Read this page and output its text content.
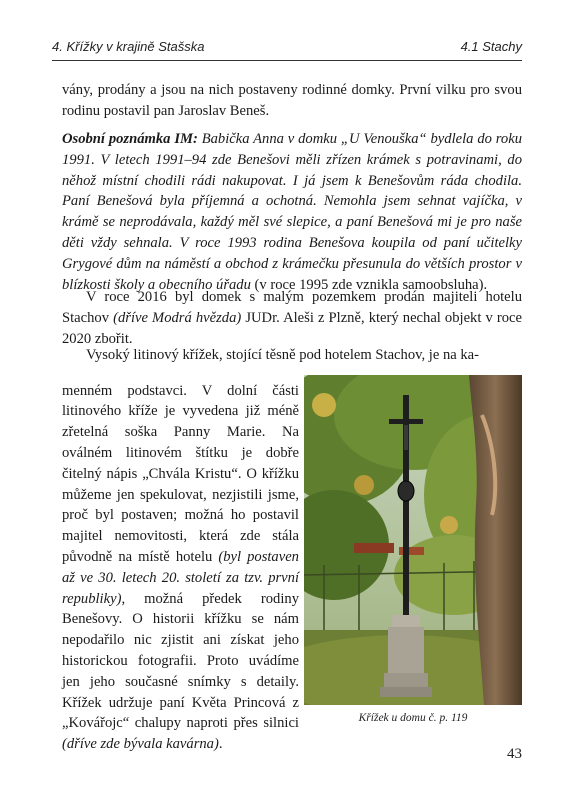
4. Křížky v krajině Stašska	4.1 Stachy

vány, prodány a jsou na nich postaveny rodinné domky. První vilku pro svou rodinu postavil pan Jaroslav Beneš.

Osobní poznámka IM: Babička Anna v domku „U Venouška“ bydlela do roku 1991. V letech 1991–94 zde Benešovi měli zřízen krámek s potravinami, do něhož místní chodili rádi nakupovat. I já jsem k Benešovům ráda chodila. Paní Benešová byla příjemná a ochotná. Nemohla jsem sehnat vajíčka, v krámě se neprodávala, každý měl své slepice, a paní Benešová mi je pro naše děti vždy sehnala. V roce 1993 rodina Benešova koupila od paní učitelky Grygové dům na náměstí a obchod z krámečku přesunula do větších prostor v blízkosti školy a obecního úřadu (v roce 1995 zde vznikla samoobsluha).

V roce 2016 byl domek s malým pozemkem prodán majiteli hotelu Stachov (dříve Modrá hvězda) JUDr. Aleši z Plzně, který nechal objekt v roce 2020 zbořit.

Vysoký litinový křížek, stojící těsně pod hotelem Stachov, je na ka-

menném podstavci. V dolní části litinového kříže je vyvedena již méně zřetelná soška Panny Marie. Na oválném litinovém štítku je dobře čitelný nápis „Chvála Kristu“. O křížku můžeme jen spekulovat, nezjistili jsme, proč byl postaven; možná ho postavil majitel nemovitosti, která zde stála původně na místě hotelu (byl postaven až ve 30. letech 20. století za tzv. první republiky), možná předek rodiny Benešovy. O historii křížku se nám nepodařilo nic zjistit ani získat jeho historickou fotografii. Proto uvádíme jen jeho současné snímky s detaily. Křížek udržuje paní Květa Princová z „Kovářojc“ chalupy naproti přes silnici (dříve zde bývala kavárna).

Křížek u domu č. p. 119
43
